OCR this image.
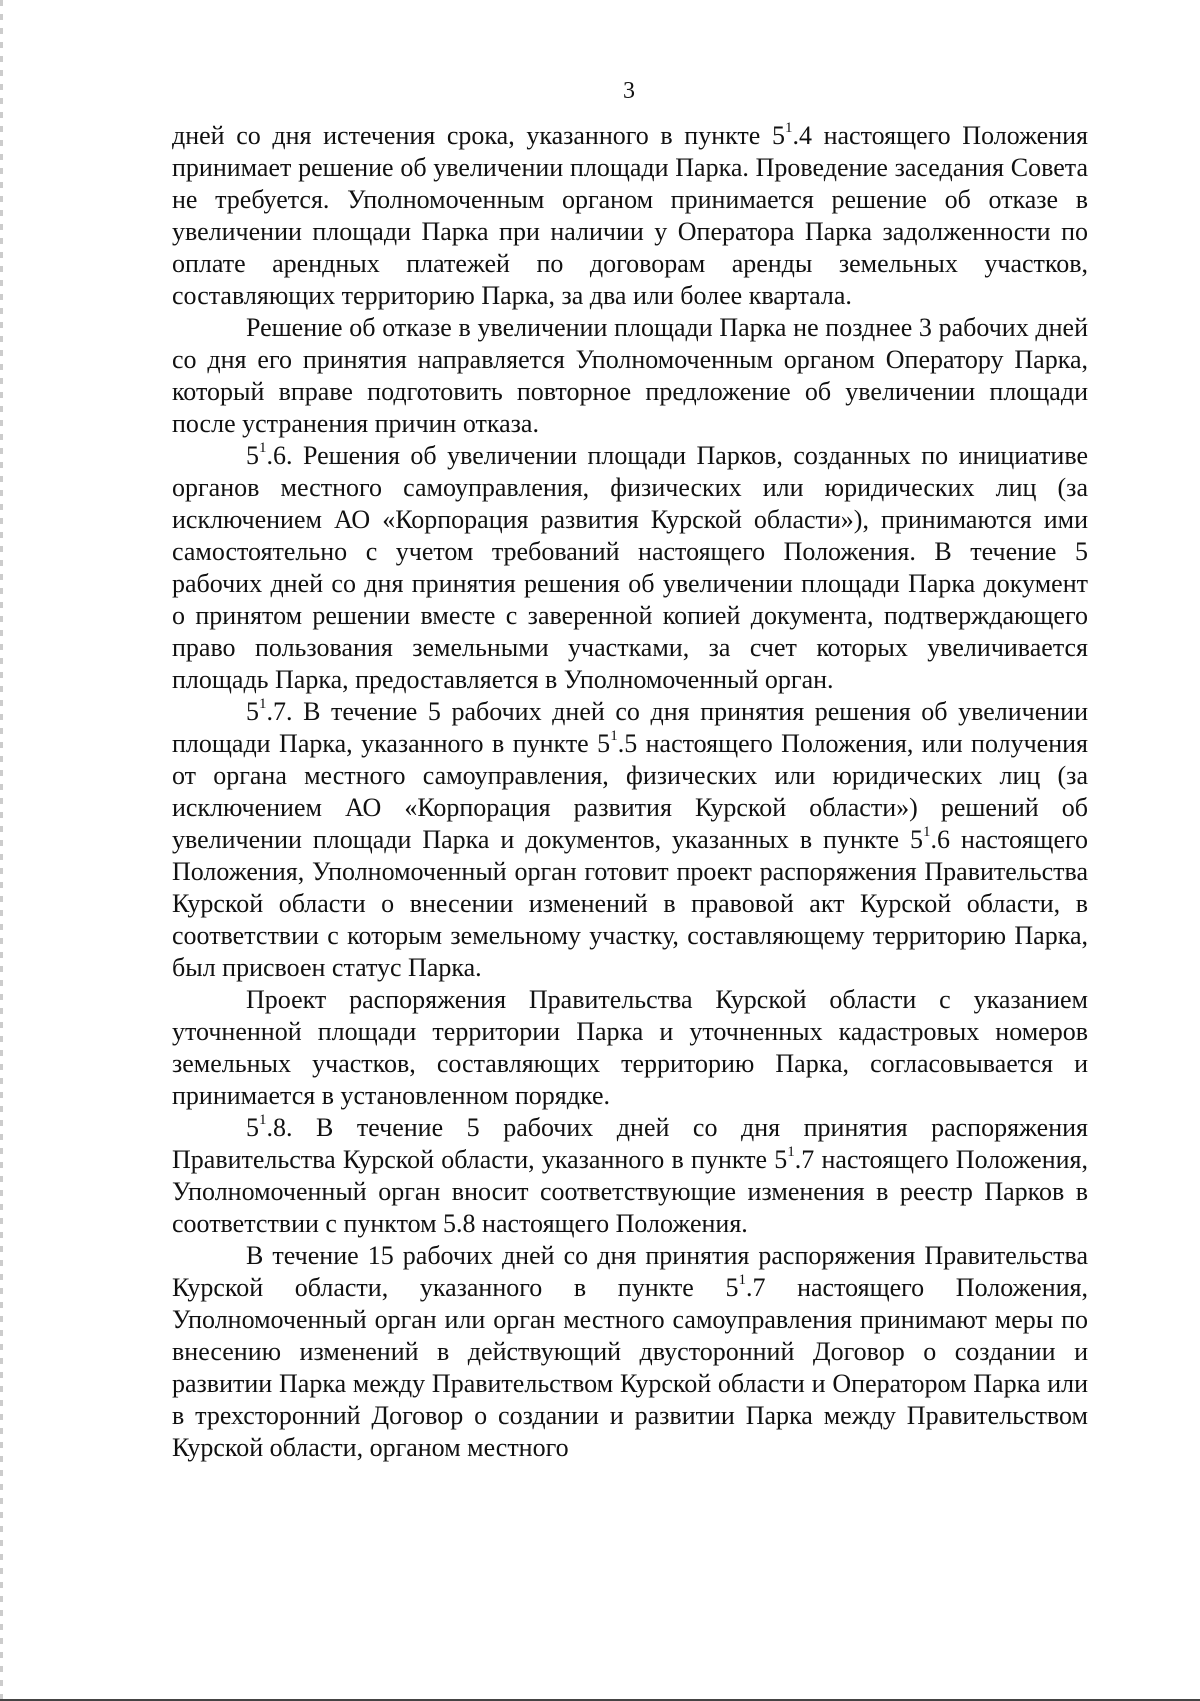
3

дней со дня истечения срока, указанного в пункте $5^1.4$ настоящего Положения принимает решение об увеличении площади Парка. Проведение заседания Совета не требуется. Уполномоченным органом принимается решение об отказе в увеличении площади Парка при наличии у Оператора Парка задолженности по оплате арендных платежей по договорам аренды земельных участков, составляющих территорию Парка, за два или более квартала.

Решение об отказе в увеличении площади Парка не позднее 3 рабочих дней со дня его принятия направляется Уполномоченным органом Оператору Парка, который вправе подготовить повторное предложение об увеличении площади после устранения причин отказа.

$5^1.6$. Решения об увеличении площади Парков, созданных по инициативе органов местного самоуправления, физических или юридических лиц (за исключением АО «Корпорация развития Курской области»), принимаются ими самостоятельно с учетом требований настоящего Положения. В течение 5 рабочих дней со дня принятия решения об увеличении площади Парка документ о принятом решении вместе с заверенной копией документа, подтверждающего право пользования земельными участками, за счет которых увеличивается площадь Парка, предоставляется в Уполномоченный орган.

$5^1.7$. В течение 5 рабочих дней со дня принятия решения об увеличении площади Парка, указанного в пункте $5^1.5$ настоящего Положения, или получения от органа местного самоуправления, физических или юридических лиц (за исключением АО «Корпорация развития Курской области») решений об увеличении площади Парка и документов, указанных в пункте $5^1.6$ настоящего Положения, Уполномоченный орган готовит проект распоряжения Правительства Курской области о внесении изменений в правовой акт Курской области, в соответствии с которым земельному участку, составляющему территорию Парка, был присвоен статус Парка.

Проект распоряжения Правительства Курской области с указанием уточненной площади территории Парка и уточненных кадастровых номеров земельных участков, составляющих территорию Парка, согласовывается и принимается в установленном порядке.

$5^1.8$. В течение 5 рабочих дней со дня принятия распоряжения Правительства Курской области, указанного в пункте $5^1.7$ настоящего Положения, Уполномоченный орган вносит соответствующие изменения в реестр Парков в соответствии с пунктом 5.8 настоящего Положения.

В течение 15 рабочих дней со дня принятия распоряжения Правительства Курской области, указанного в пункте $5^1.7$ настоящего Положения, Уполномоченный орган или орган местного самоуправления принимают меры по внесению изменений в действующий двусторонний Договор о создании и развитии Парка между Правительством Курской области и Оператором Парка или в трехсторонний Договор о создании и развитии Парка между Правительством Курской области, органом местного
